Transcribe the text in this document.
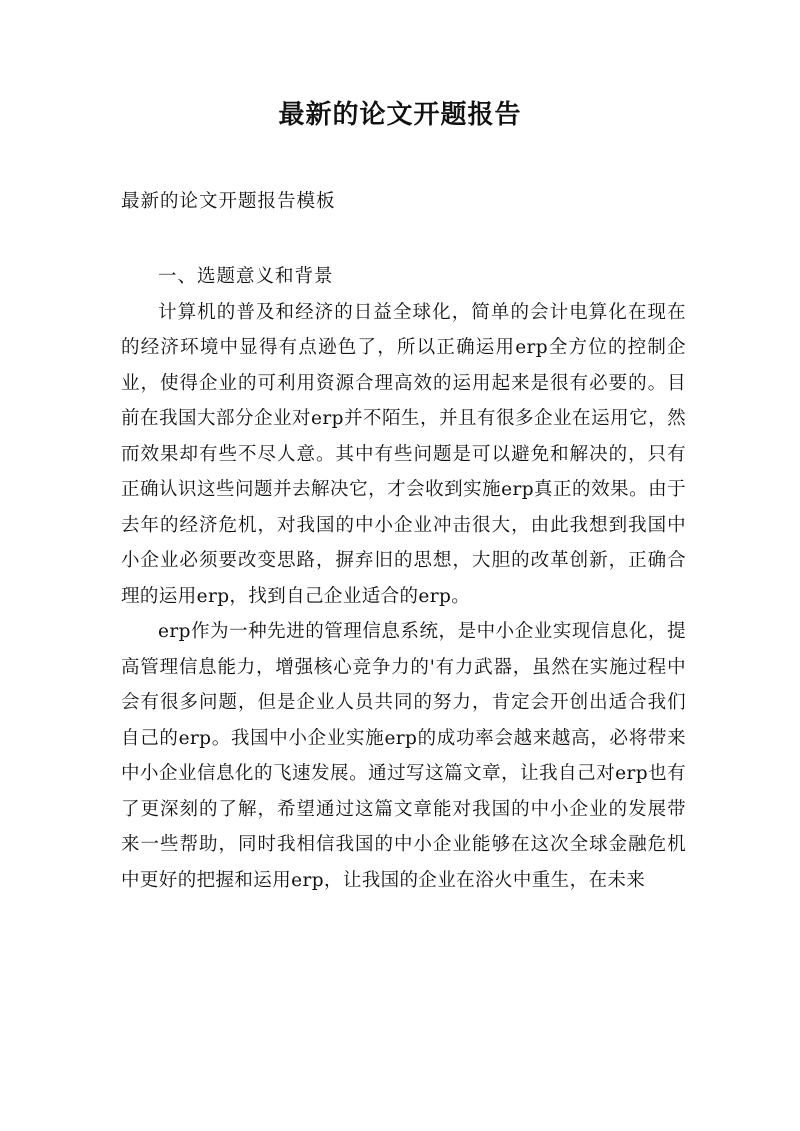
最新的论文开题报告
最新的论文开题报告模板

一、选题意义和背景

计算机的普及和经济的日益全球化，简单的会计电算化在现在的经济环境中显得有点逊色了，所以正确运用erp全方位的控制企业，使得企业的可利用资源合理高效的运用起来是很有必要的。目前在我国大部分企业对erp并不陌生，并且有很多企业在运用它，然而效果却有些不尽人意。其中有些问题是可以避免和解决的，只有正确认识这些问题并去解决它，才会收到实施erp真正的效果。由于去年的经济危机，对我国的中小企业冲击很大，由此我想到我国中小企业必须要改变思路，摒弃旧的思想，大胆的改革创新，正确合理的运用erp，找到自己企业适合的erp。

erp作为一种先进的管理信息系统，是中小企业实现信息化，提高管理信息能力，增强核心竞争力的'有力武器，虽然在实施过程中会有很多问题，但是企业人员共同的努力，肯定会开创出适合我们自己的erp。我国中小企业实施erp的成功率会越来越高，必将带来中小企业信息化的飞速发展。通过写这篇文章，让我自己对erp也有了更深刻的了解，希望通过这篇文章能对我国的中小企业的发展带来一些帮助，同时我相信我国的中小企业能够在这次全球金融危机中更好的把握和运用erp，让我国的企业在浴火中重生，在未来
